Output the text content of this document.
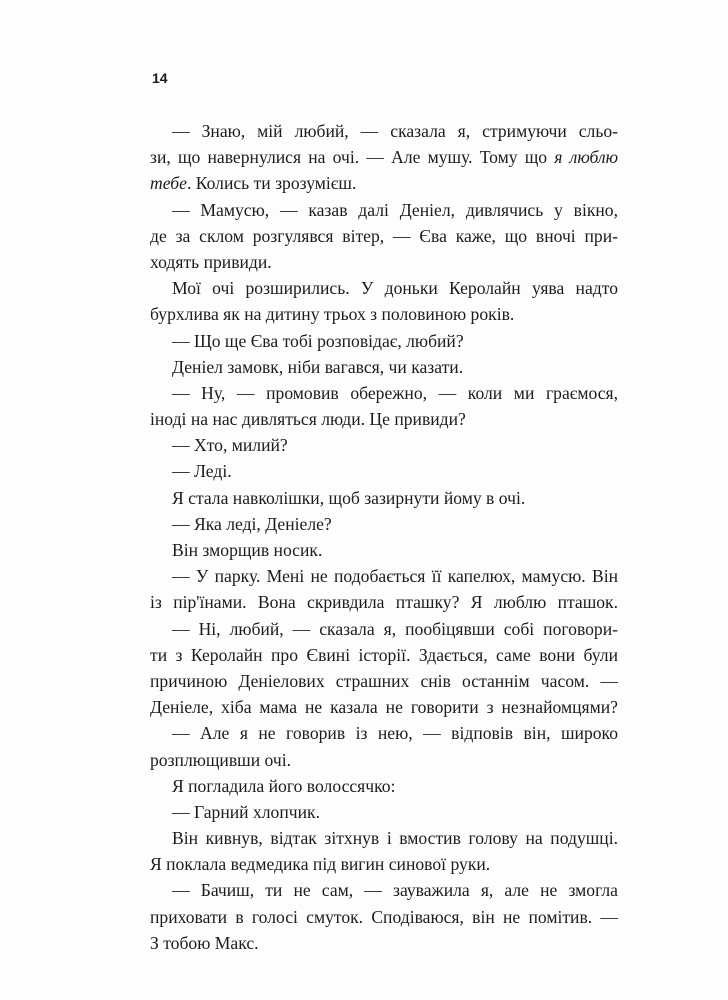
14
— Знаю, мій любий, — сказала я, стримуючи сльо-
зи, що навернулися на очі. — Але мушу. Тому що я люблю
тебе. Колись ти зрозумієш.
— Мамусю, — казав далі Деніел, дивлячись у вікно,
де за склом розгулявся вітер, — Єва каже, що вночі при-
ходять привиди.
Мої очі розширились. У доньки Керолайн уява надто
бурхлива як на дитину трьох з половиною років.
— Що ще Єва тобі розповідає, любий?
Деніел замовк, ніби вагався, чи казати.
— Ну, — промовив обережно, — коли ми граємося,
іноді на нас дивляться люди. Це привиди?
— Хто, милий?
— Леді.
Я стала навколішки, щоб зазирнути йому в очі.
— Яка леді, Деніеле?
Він зморщив носик.
— У парку. Мені не подобається її капелюх, мамусю. Він
із пір'їнами. Вона скривдила пташку? Я люблю пташок.
— Ні, любий, — сказала я, пообіцявши собі поговори-
ти з Керолайн про Євині історії. Здається, саме вони були
причиною Деніелових страшних снів останнім часом. —
Деніеле, хіба мама не казала не говорити з незнайомцями?
— Але я не говорив із нею, — відповів він, широко
розплющивши очі.
Я погладила його волоссячко:
— Гарний хлопчик.
Він кивнув, відтак зітхнув і вмостив голову на подушці.
Я поклала ведмедика під вигин синової руки.
— Бачиш, ти не сам, — зауважила я, але не змогла
приховати в голосі смуток. Сподіваюся, він не помітив. —
З тобою Макс.
